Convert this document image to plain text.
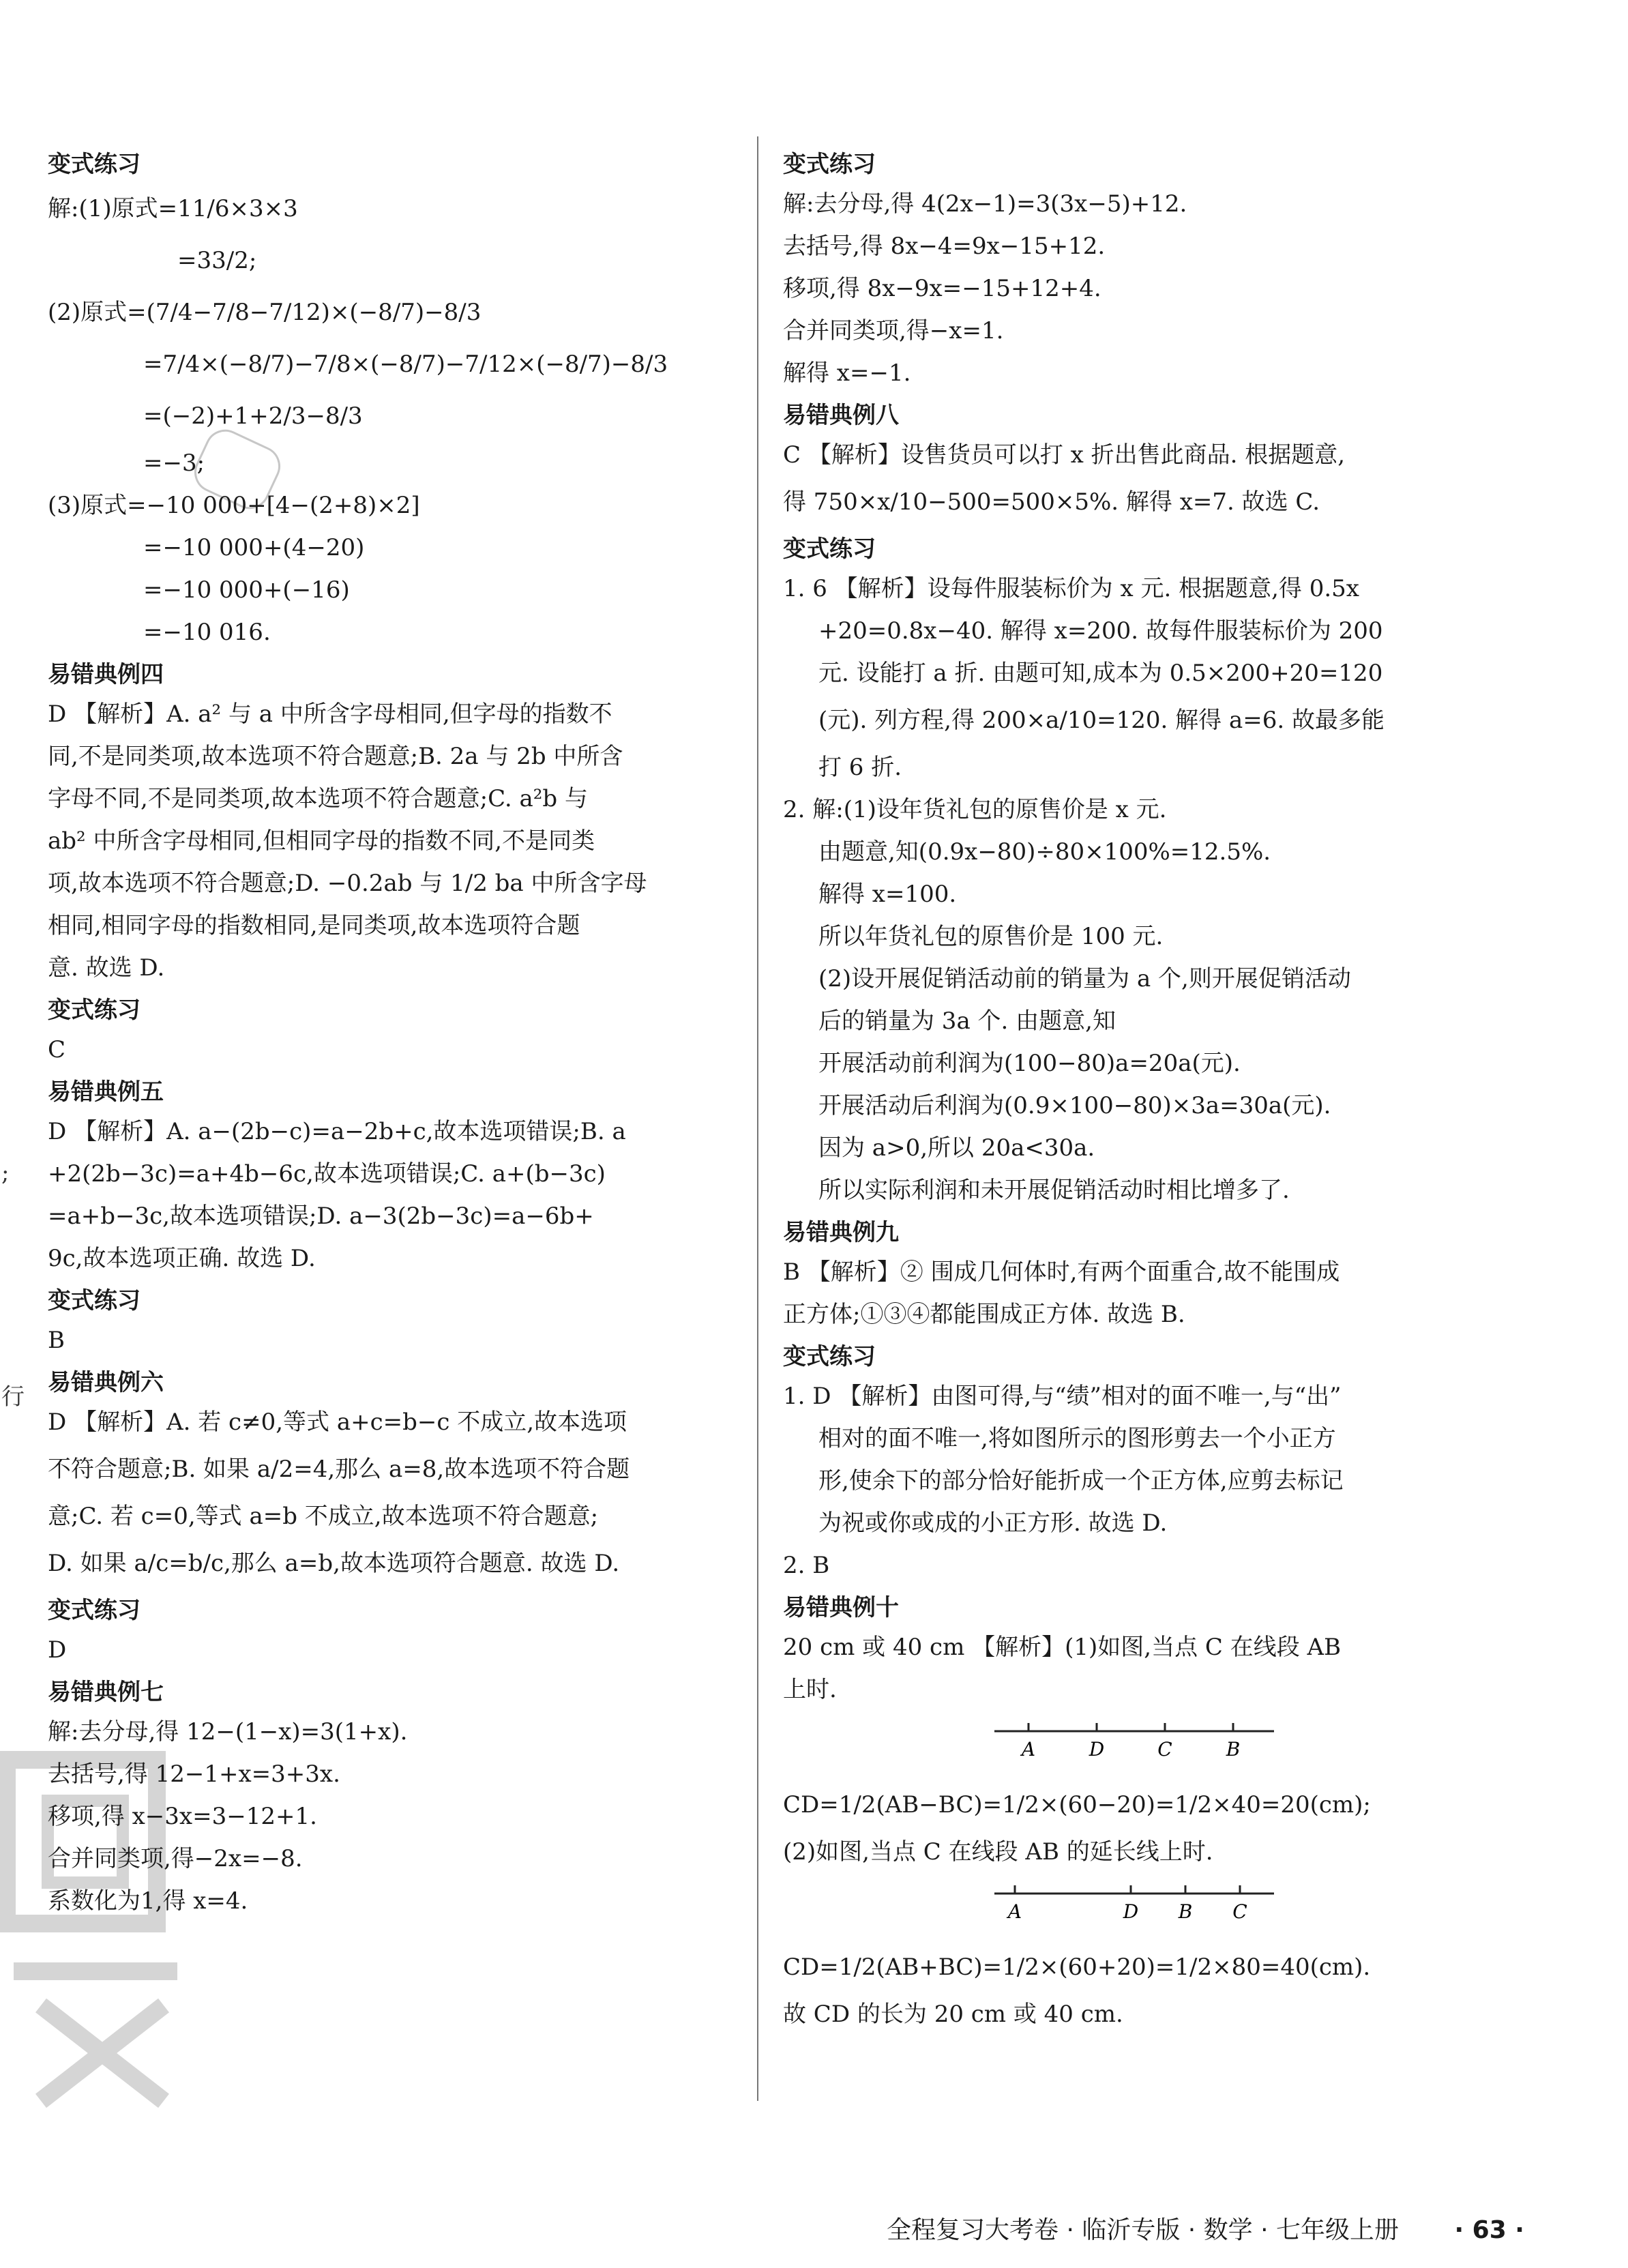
;
行
变式练习
解:(1)原式=11/6×3×3
=33/2;
(2)原式=(7/4−7/8−7/12)×(−8/7)−8/3
=7/4×(−8/7)−7/8×(−8/7)−7/12×(−8/7)−8/3
=(−2)+1+2/3−8/3
=−3;
(3)原式=−10 000+[4−(2+8)×2]
=−10 000+(4−20)
=−10 000+(−16)
=−10 016.
易错典例四
D 【解析】A. a² 与 a 中所含字母相同,但字母的指数不
同,不是同类项,故本选项不符合题意;B. 2a 与 2b 中所含
字母不同,不是同类项,故本选项不符合题意;C. a²b 与
ab² 中所含字母相同,但相同字母的指数不同,不是同类
项,故本选项不符合题意;D. −0.2ab 与 1/2 ba 中所含字母
相同,相同字母的指数相同,是同类项,故本选项符合题
意. 故选 D.
变式练习
C
易错典例五
D 【解析】A. a−(2b−c)=a−2b+c,故本选项错误;B. a
+2(2b−3c)=a+4b−6c,故本选项错误;C. a+(b−3c)
=a+b−3c,故本选项错误;D. a−3(2b−3c)=a−6b+
9c,故本选项正确. 故选 D.
变式练习
B
易错典例六
D 【解析】A. 若 c≠0,等式 a+c=b−c 不成立,故本选项
不符合题意;B. 如果 a/2=4,那么 a=8,故本选项不符合题
意;C. 若 c=0,等式 a=b 不成立,故本选项不符合题意;
D. 如果 a/c=b/c,那么 a=b,故本选项符合题意. 故选 D.
变式练习
D
易错典例七
解:去分母,得 12−(1−x)=3(1+x).
去括号,得 12−1+x=3+3x.
移项,得 x−3x=3−12+1.
合并同类项,得−2x=−8.
系数化为1,得 x=4.
变式练习
解:去分母,得 4(2x−1)=3(3x−5)+12.
去括号,得 8x−4=9x−15+12.
移项,得 8x−9x=−15+12+4.
合并同类项,得−x=1.
解得 x=−1.
易错典例八
C 【解析】设售货员可以打 x 折出售此商品. 根据题意,
得 750×x/10−500=500×5%. 解得 x=7. 故选 C.
变式练习
1. 6 【解析】设每件服装标价为 x 元. 根据题意,得 0.5x
+20=0.8x−40. 解得 x=200. 故每件服装标价为 200
元. 设能打 a 折. 由题可知,成本为 0.5×200+20=120
(元). 列方程,得 200×a/10=120. 解得 a=6. 故最多能
打 6 折.
2. 解:(1)设年货礼包的原售价是 x 元.
由题意,知(0.9x−80)÷80×100%=12.5%.
解得 x=100.
所以年货礼包的原售价是 100 元.
(2)设开展促销活动前的销量为 a 个,则开展促销活动
后的销量为 3a 个. 由题意,知
开展活动前利润为(100−80)a=20a(元).
开展活动后利润为(0.9×100−80)×3a=30a(元).
因为 a>0,所以 20a<30a.
所以实际利润和未开展促销活动时相比增多了.
易错典例九
B 【解析】② 围成几何体时,有两个面重合,故不能围成
正方体;①③④都能围成正方体. 故选 B.
变式练习
1. D 【解析】由图可得,与“绩”相对的面不唯一,与“出”
相对的面不唯一,将如图所示的图形剪去一个小正方
形,使余下的部分恰好能折成一个正方体,应剪去标记
为祝或你或成的小正方形. 故选 D.
2. B
易错典例十
20 cm 或 40 cm 【解析】(1)如图,当点 C 在线段 AB
上时.
A	D	C	B
CD=1/2(AB−BC)=1/2×(60−20)=1/2×40=20(cm);
(2)如图,当点 C 在线段 AB 的延长线上时.
A	D B C
CD=1/2(AB+BC)=1/2×(60+20)=1/2×80=40(cm).
故 CD 的长为 20 cm 或 40 cm.
全程复习大考卷 · 临沂专版 · 数学 · 七年级上册 · 63 ·
